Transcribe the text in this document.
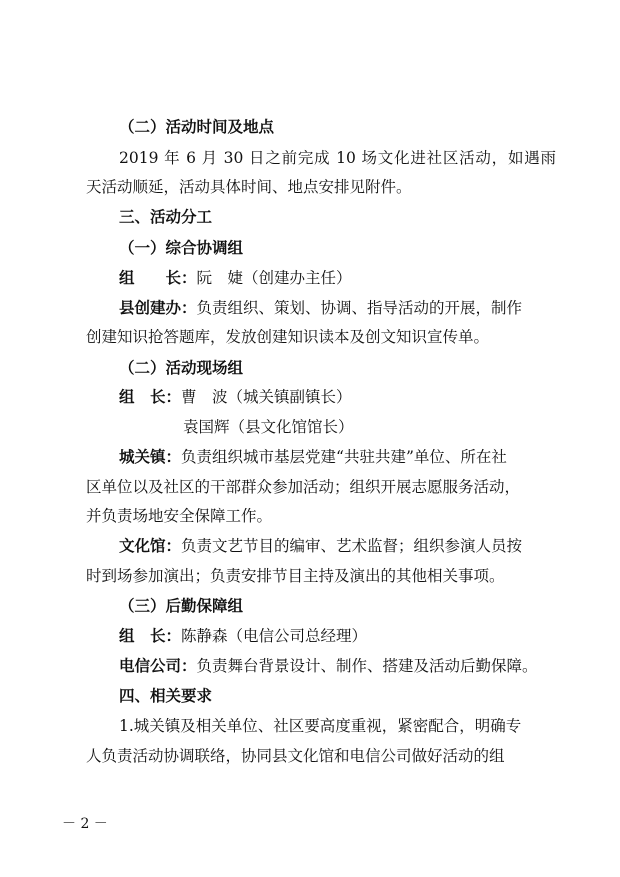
（二）活动时间及地点
2019 年 6 月 30 日之前完成 10 场文化进社区活动，如遇雨
天活动顺延，活动具体时间、地点安排见附件。
三、活动分工
（一）综合协调组
组　　长：阮　婕（创建办主任）
县创建办：负责组织、策划、协调、指导活动的开展，制作
创建知识抢答题库，发放创建知识读本及创文知识宣传单。
（二）活动现场组
组　长：曹　波（城关镇副镇长）
袁国辉（县文化馆馆长）
城关镇：负责组织城市基层党建“共驻共建”单位、所在社
区单位以及社区的干部群众参加活动；组织开展志愿服务活动，
并负责场地安全保障工作。
文化馆：负责文艺节目的编审、艺术监督；组织参演人员按
时到场参加演出；负责安排节目主持及演出的其他相关事项。
（三）后勤保障组
组　长：陈静森（电信公司总经理）
电信公司：负责舞台背景设计、制作、搭建及活动后勤保障。
四、相关要求
1.城关镇及相关单位、社区要高度重视，紧密配合，明确专
人负责活动协调联络，协同县文化馆和电信公司做好活动的组
－ 2 －
